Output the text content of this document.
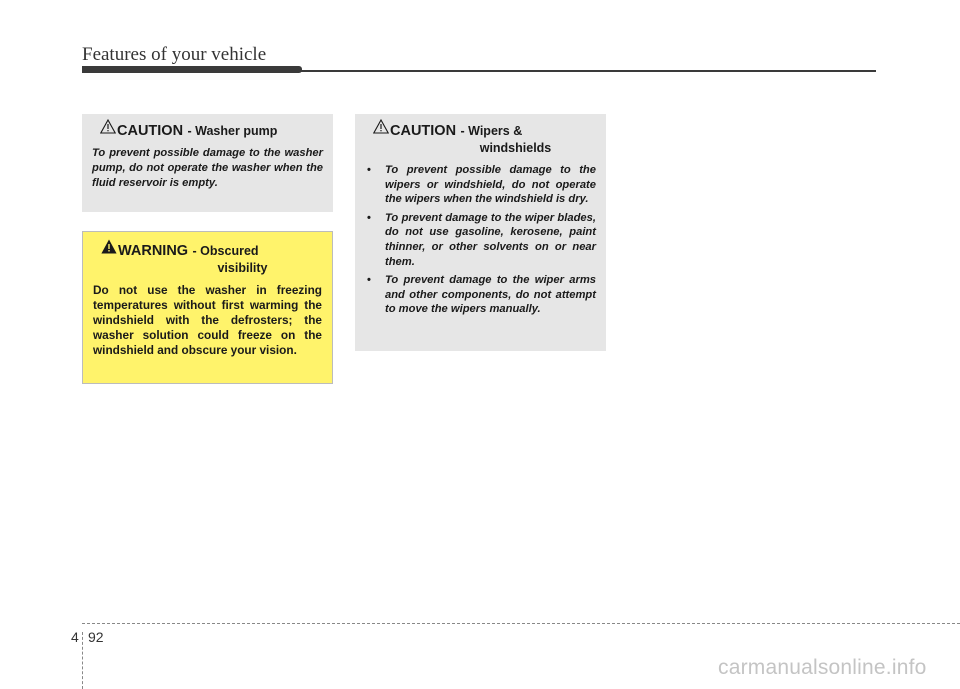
Features of your vehicle
CAUTION - Washer pump
To prevent possible damage to the washer pump, do not operate the washer when the fluid reservoir is empty.
CAUTION - Wipers &
windshields
• To prevent possible damage to the wipers or windshield, do not operate the wipers when the windshield is dry.
• To prevent damage to the wiper blades, do not use gasoline, kerosene, paint thinner, or other solvents on or near them.
• To prevent damage to the wiper arms and other components, do not attempt to move the wipers manually.
WARNING - Obscured
visibility
Do not use the washer in freezing temperatures without first warming the windshield with the defrosters; the washer solution could freeze on the windshield and obscure your vision.
4 92
carmanualsonline.info
